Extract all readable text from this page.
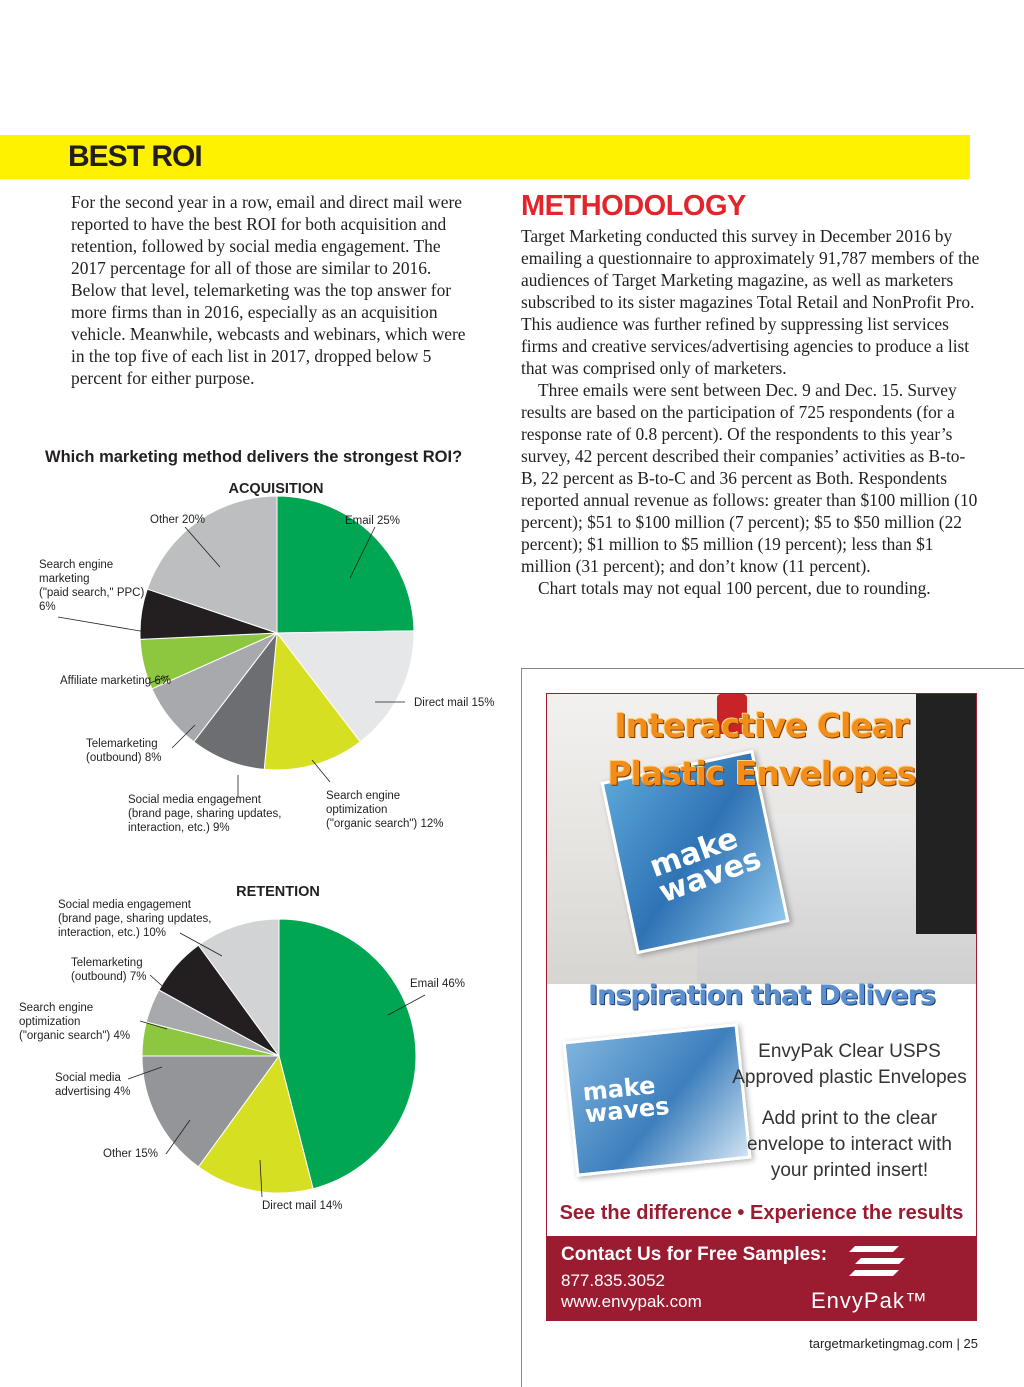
BEST ROI

For the second year in a row, email and direct mail were reported to have the best ROI for both acquisition and retention, followed by social media engagement. The 2017 percentage for all of those are similar to 2016. Below that level, telemarketing was the top answer for more firms than in 2016, especially as an acquisition vehicle. Meanwhile, webcasts and webinars, which were in the top five of each list in 2017, dropped below 5 percent for either purpose.

METHODOLOGY

Target Marketing conducted this survey in December 2016 by emailing a questionnaire to approximately 91,787 members of the audiences of Target Marketing magazine, as well as marketers subscribed to its sister magazines Total Retail and NonProfit Pro. This audience was further refined by suppressing list services firms and creative services/advertising agencies to produce a list that was comprised only of marketers.

Three emails were sent between Dec. 9 and Dec. 15. Survey results are based on the participation of 725 respondents (for a response rate of 0.8 percent). Of the respondents to this year’s survey, 42 percent described their companies’ activities as B-to-B, 22 percent as B-to-C and 36 percent as Both. Respondents reported annual revenue as follows: greater than $100 million (10 percent); $51 to $100 million (7 percent); $5 to $50 million (22 percent); $1 million to $5 million (19 percent); less than $1 million (31 percent); and don’t know (11 percent).

Chart totals may not equal 100 percent, due to rounding.

Which marketing method delivers the strongest ROI?
ACQUISITION
Email 25%
Direct mail 15%
Search engine optimization ("organic search") 12%
Social media engagement (brand page, sharing updates, interaction, etc.) 9%
Telemarketing (outbound) 8%
Affiliate marketing 6%
Search engine marketing ("paid search," PPC) 6%
Other 20%
RETENTION
Email 46%
Direct mail 14%
Other 15%
Social media advertising 4%
Search engine optimization ("organic search") 4%
Telemarketing (outbound) 7%
Social media engagement (brand page, sharing updates, interaction, etc.) 10%
make waves
Interactive Clear
Plastic Envelopes

Inspiration that Delivers

make waves

EnvyPak Clear USPS
Approved plastic Envelopes

Add print to the clear
envelope to interact with
your printed insert!

See the difference • Experience the results

Contact Us for Free Samples:

877.835.3052

www.envypak.com	EnvyPak™

targetmarketingmag.com | 25
